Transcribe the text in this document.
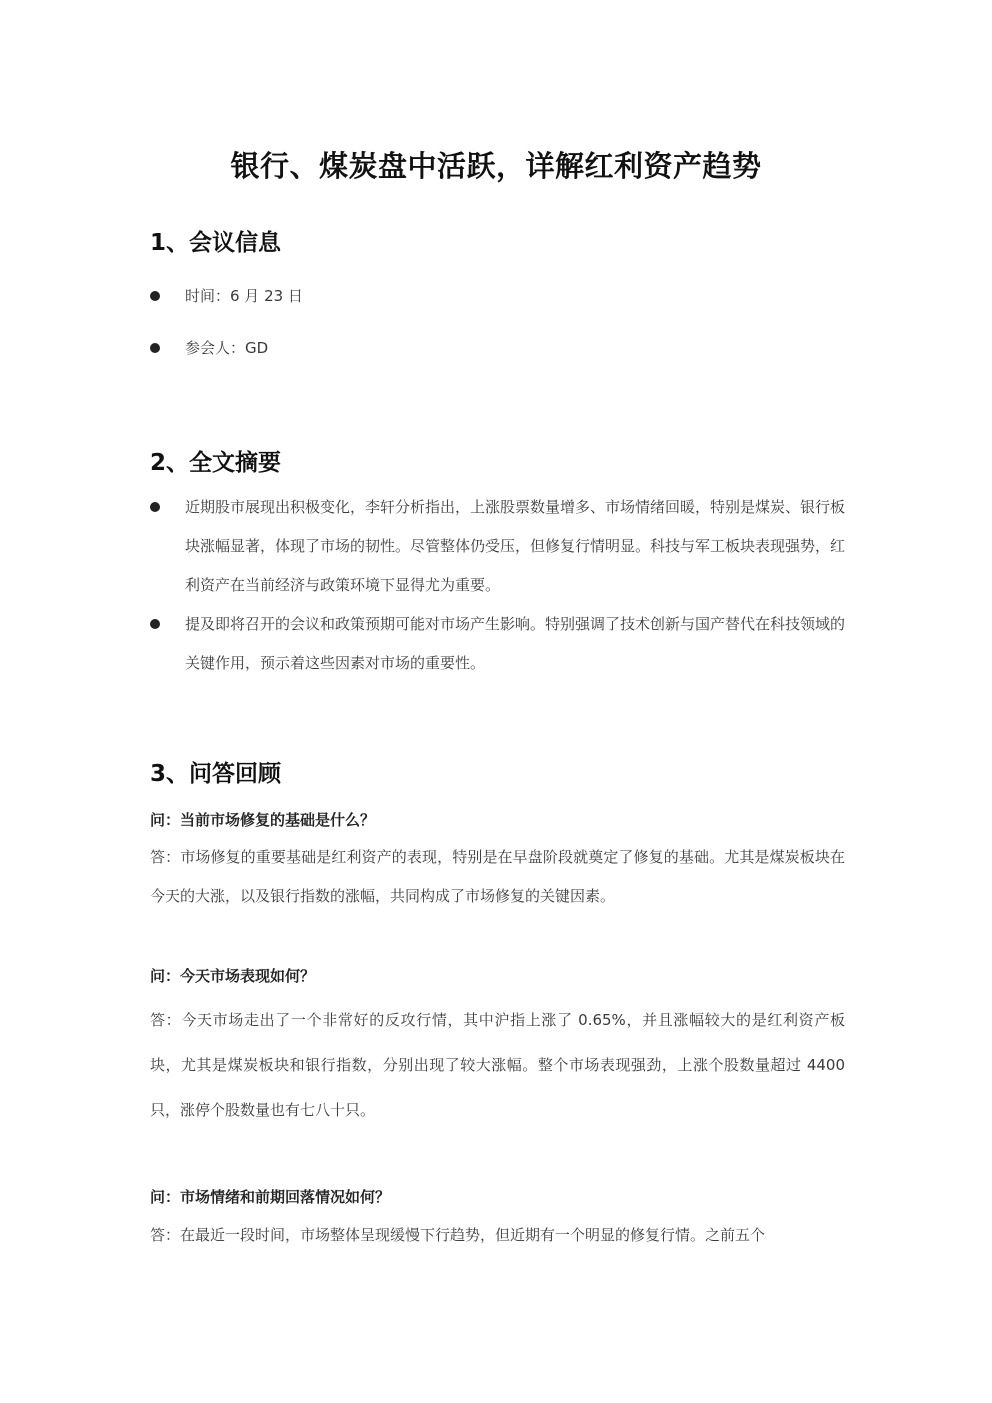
银行、煤炭盘中活跃，详解红利资产趋势
1、会议信息
时间：6 月 23 日
参会人：GD
2、全文摘要
近期股市展现出积极变化，李轩分析指出，上涨股票数量增多、市场情绪回暖，特别是煤炭、银行板块涨幅显著，体现了市场的韧性。尽管整体仍受压，但修复行情明显。科技与军工板块表现强势，红利资产在当前经济与政策环境下显得尤为重要。
提及即将召开的会议和政策预期可能对市场产生影响。特别强调了技术创新与国产替代在科技领域的关键作用，预示着这些因素对市场的重要性。
3、问答回顾

问：当前市场修复的基础是什么？

答：市场修复的重要基础是红利资产的表现，特别是在早盘阶段就奠定了修复的基础。尤其是煤炭板块在今天的大涨，以及银行指数的涨幅，共同构成了市场修复的关键因素。

问：今天市场表现如何？

答：今天市场走出了一个非常好的反攻行情，其中沪指上涨了 0.65%，并且涨幅较大的是红利资产板块，尤其是煤炭板块和银行指数，分别出现了较大涨幅。整个市场表现强劲，上涨个股数量超过 4400 只，涨停个股数量也有七八十只。

问：市场情绪和前期回落情况如何？

答：在最近一段时间，市场整体呈现缓慢下行趋势，但近期有一个明显的修复行情。之前五个
